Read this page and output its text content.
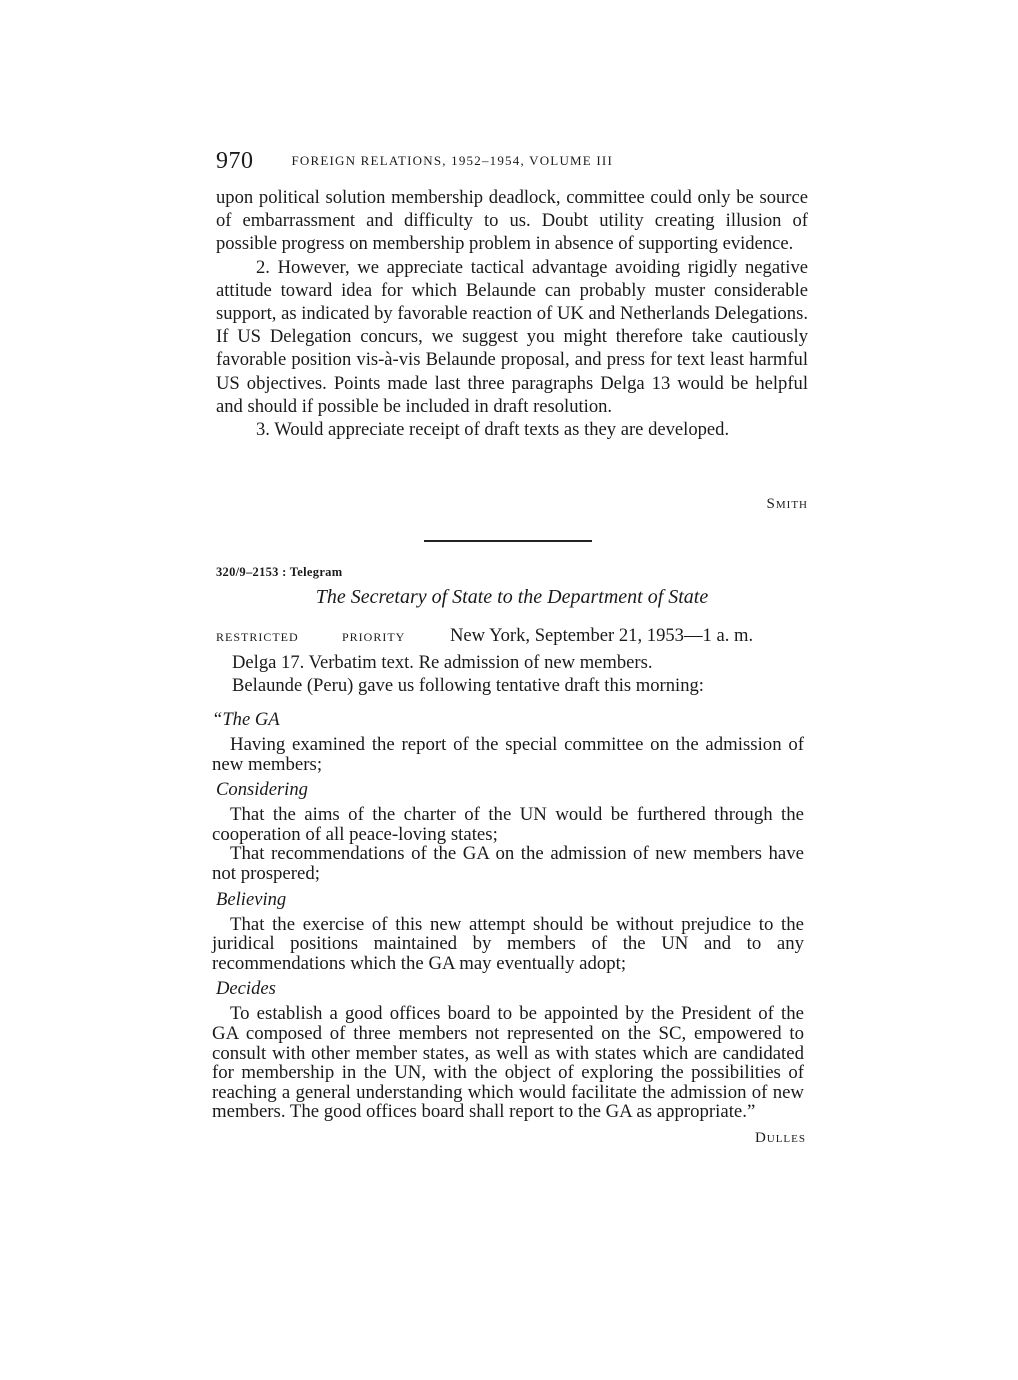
970	FOREIGN RELATIONS, 1952–1954, VOLUME III

upon political solution membership deadlock, committee could only be source of embarrassment and difficulty to us. Doubt utility creating illusion of possible progress on membership problem in absence of supporting evidence.

2. However, we appreciate tactical advantage avoiding rigidly negative attitude toward idea for which Belaunde can probably muster considerable support, as indicated by favorable reaction of UK and Netherlands Delegations. If US Delegation concurs, we suggest you might therefore take cautiously favorable position vis-à-vis Belaunde proposal, and press for text least harmful US objectives. Points made last three paragraphs Delga 13 would be helpful and should if possible be included in draft resolution.

3. Would appreciate receipt of draft texts as they are developed.

Smith
320/9–2153 : Telegram
The Secretary of State to the Department of State
RESTRICTED	PRIORITY New York, September 21, 1953—1 a. m.

Delga 17. Verbatim text. Re admission of new members.

Belaunde (Peru) gave us following tentative draft this morning:

“The GA

Having examined the report of the special committee on the admission of new members;

Considering

That the aims of the charter of the UN would be furthered through the cooperation of all peace-loving states;

That recommendations of the GA on the admission of new members have not prospered;

Believing

That the exercise of this new attempt should be without prejudice to the juridical positions maintained by members of the UN and to any recommendations which the GA may eventually adopt;

Decides

To establish a good offices board to be appointed by the President of the GA composed of three members not represented on the SC, empowered to consult with other member states, as well as with states which are candidated for membership in the UN, with the object of exploring the possibilities of reaching a general understanding which would facilitate the admission of new members. The good offices board shall report to the GA as appropriate.”

Dulles
